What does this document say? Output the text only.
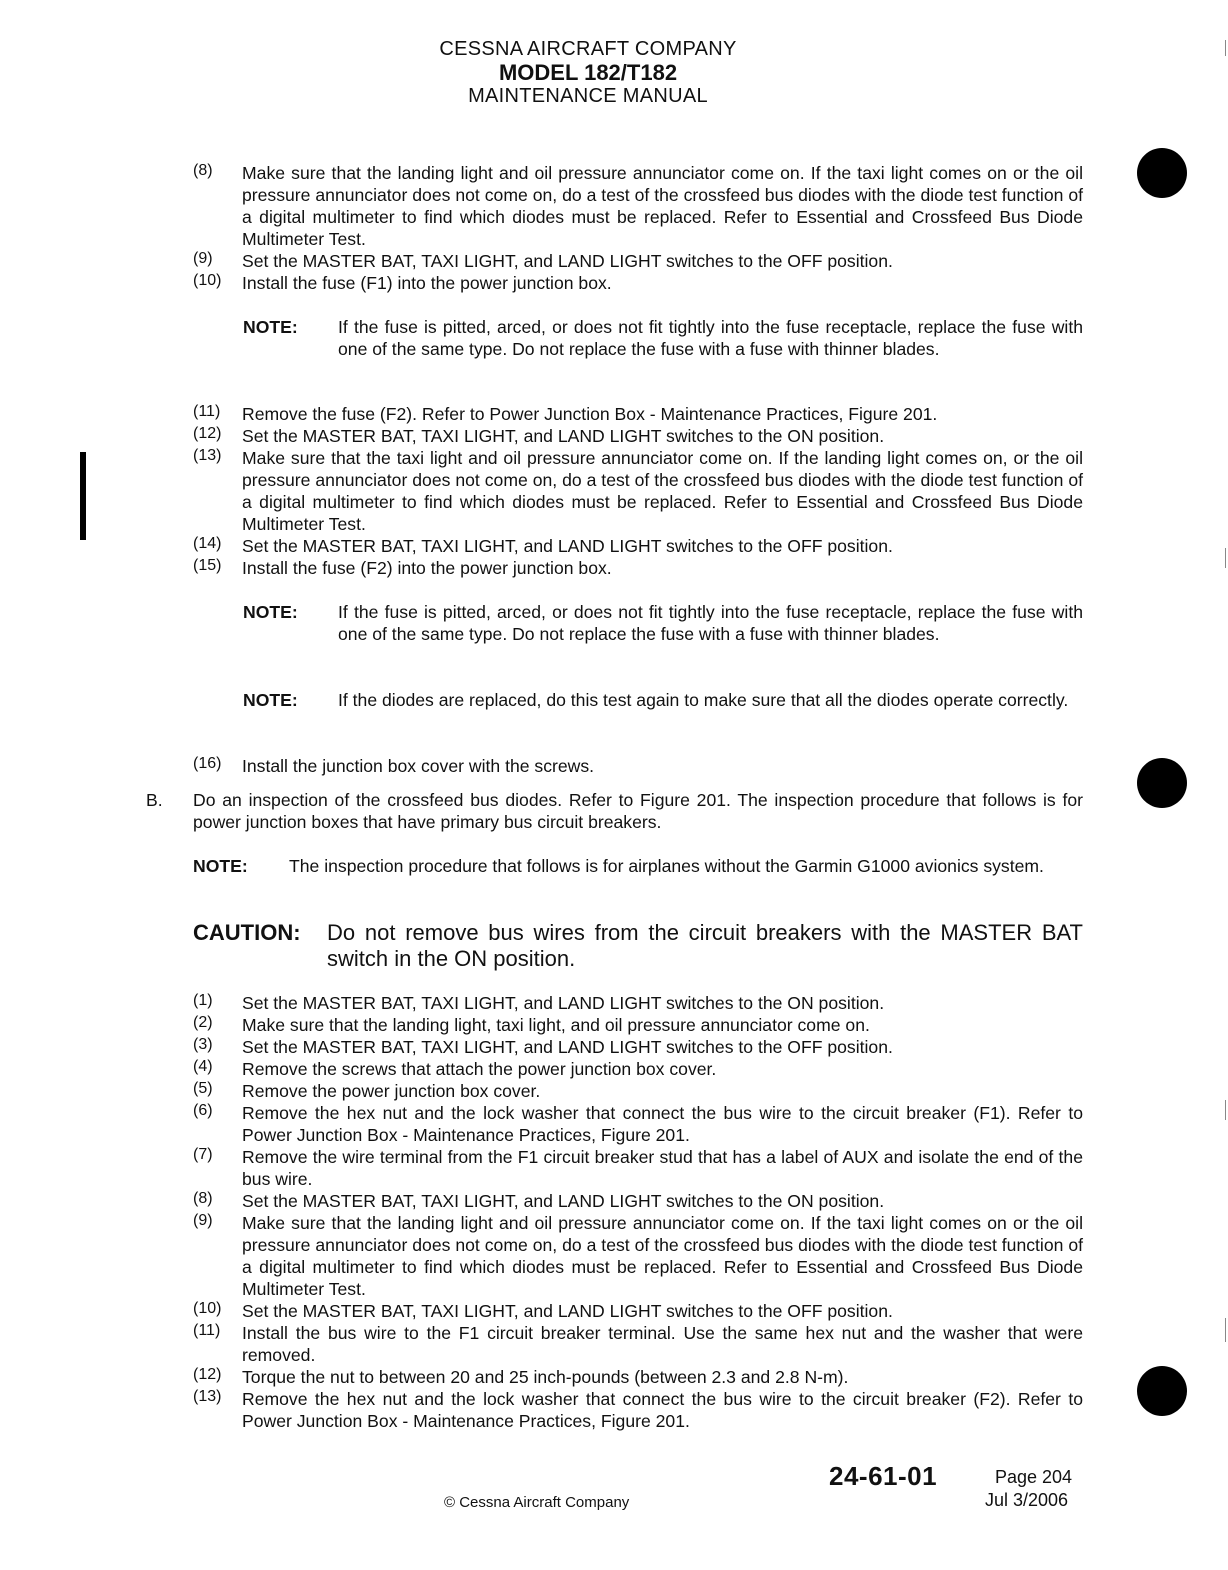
CESSNA AIRCRAFT COMPANY
MODEL 182/T182
MAINTENANCE MANUAL
(8) Make sure that the landing light and oil pressure annunciator come on. If the taxi light comes on or the oil pressure annunciator does not come on, do a test of the crossfeed bus diodes with the diode test function of a digital multimeter to find which diodes must be replaced. Refer to Essential and Crossfeed Bus Diode Multimeter Test.
(9) Set the MASTER BAT, TAXI LIGHT, and LAND LIGHT switches to the OFF position.
(10) Install the fuse (F1) into the power junction box.
NOTE: If the fuse is pitted, arced, or does not fit tightly into the fuse receptacle, replace the fuse with one of the same type. Do not replace the fuse with a fuse with thinner blades.
(11) Remove the fuse (F2). Refer to Power Junction Box - Maintenance Practices, Figure 201.
(12) Set the MASTER BAT, TAXI LIGHT, and LAND LIGHT switches to the ON position.
(13) Make sure that the taxi light and oil pressure annunciator come on. If the landing light comes on, or the oil pressure annunciator does not come on, do a test of the crossfeed bus diodes with the diode test function of a digital multimeter to find which diodes must be replaced. Refer to Essential and Crossfeed Bus Diode Multimeter Test.
(14) Set the MASTER BAT, TAXI LIGHT, and LAND LIGHT switches to the OFF position.
(15) Install the fuse (F2) into the power junction box.
NOTE: If the fuse is pitted, arced, or does not fit tightly into the fuse receptacle, replace the fuse with one of the same type. Do not replace the fuse with a fuse with thinner blades.
NOTE: If the diodes are replaced, do this test again to make sure that all the diodes operate correctly.
(16) Install the junction box cover with the screws.
B. Do an inspection of the crossfeed bus diodes. Refer to Figure 201. The inspection procedure that follows is for power junction boxes that have primary bus circuit breakers.
NOTE: The inspection procedure that follows is for airplanes without the Garmin G1000 avionics system.
CAUTION: Do not remove bus wires from the circuit breakers with the MASTER BAT switch in the ON position.
(1) Set the MASTER BAT, TAXI LIGHT, and LAND LIGHT switches to the ON position.
(2) Make sure that the landing light, taxi light, and oil pressure annunciator come on.
(3) Set the MASTER BAT, TAXI LIGHT, and LAND LIGHT switches to the OFF position.
(4) Remove the screws that attach the power junction box cover.
(5) Remove the power junction box cover.
(6) Remove the hex nut and the lock washer that connect the bus wire to the circuit breaker (F1). Refer to Power Junction Box - Maintenance Practices, Figure 201.
(7) Remove the wire terminal from the F1 circuit breaker stud that has a label of AUX and isolate the end of the bus wire.
(8) Set the MASTER BAT, TAXI LIGHT, and LAND LIGHT switches to the ON position.
(9) Make sure that the landing light and oil pressure annunciator come on. If the taxi light comes on or the oil pressure annunciator does not come on, do a test of the crossfeed bus diodes with the diode test function of a digital multimeter to find which diodes must be replaced. Refer to Essential and Crossfeed Bus Diode Multimeter Test.
(10) Set the MASTER BAT, TAXI LIGHT, and LAND LIGHT switches to the OFF position.
(11) Install the bus wire to the F1 circuit breaker terminal. Use the same hex nut and the washer that were removed.
(12) Torque the nut to between 20 and 25 inch-pounds (between 2.3 and 2.8 N-m).
(13) Remove the hex nut and the lock washer that connect the bus wire to the circuit breaker (F2). Refer to Power Junction Box - Maintenance Practices, Figure 201.
24-61-01	Page 204
Jul 3/2006
© Cessna Aircraft Company
